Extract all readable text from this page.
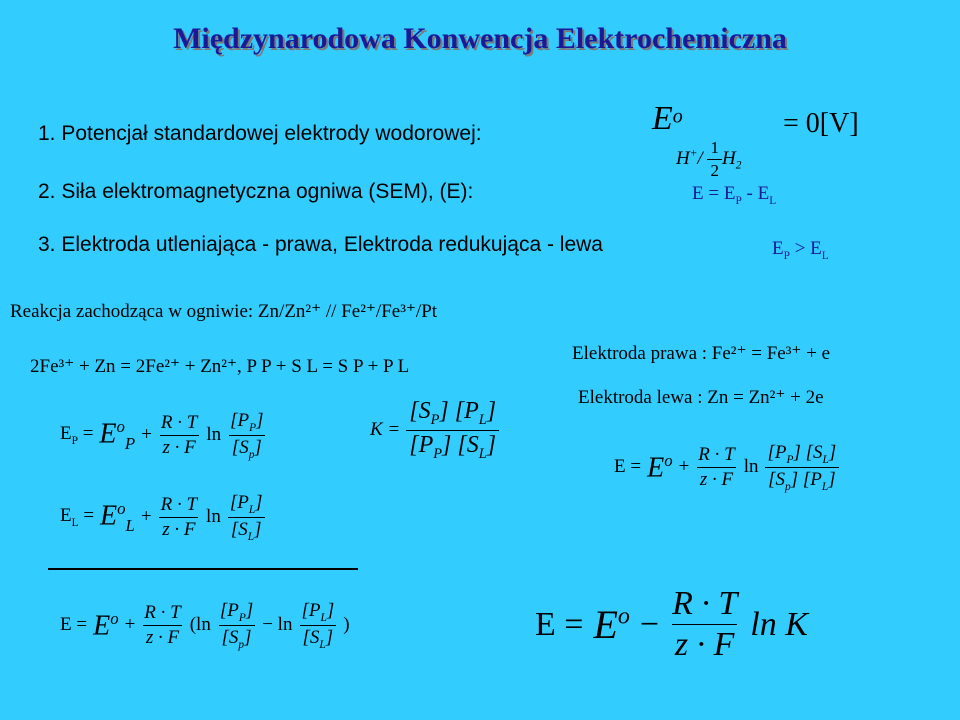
Międzynarodowa Konwencja Elektrochemiczna
1. Potencjał standardowej elektrody wodorowej:
2. Siła elektromagnetyczna ogniwa (SEM), (E):
3. Elektroda utleniająca - prawa, Elektroda redukująca - lewa
$E^o$
$H^+/ \frac{1}{2} H_2$
= 0[V]
$E = E_P - E_L$
$E_P > E_L$
Reakcja zachodząca w ogniwie: Zn/Zn²⁺ // Fe²⁺/Fe³⁺/Pt
2Fe³⁺ + Zn = 2Fe²⁺ + Zn²⁺, P P + S L = S P + P L
Elektroda prawa : Fe²⁺ = Fe³⁺ + e
Elektroda lewa : Zn = Zn²⁺ + 2e
$E_P = E^o_P + \frac{R \cdot T}{z \cdot F}$ $\ln \frac{[P_P]}{[S_p]}$
$E_L = E^o_L + \frac{R \cdot T}{z \cdot F}$ $\ln \frac{[P_L]}{[S_L]}$
$K = \frac{[S_P] [P_L]}{[P_P] [S_L]}$
$E = E^o + \frac{R \cdot T}{z \cdot F}$ $\ln \frac{[P_P] [S_L]}{[S_p] [P_L]}$
$E = E^o + \frac{R \cdot T}{z \cdot F} (\ln \frac{[P_P]}{[S_p]} - \ln \frac{[P_L]}{[S_L]}$ )	$E = E^o - \frac{R \cdot T}{z \cdot F}$ ln K
